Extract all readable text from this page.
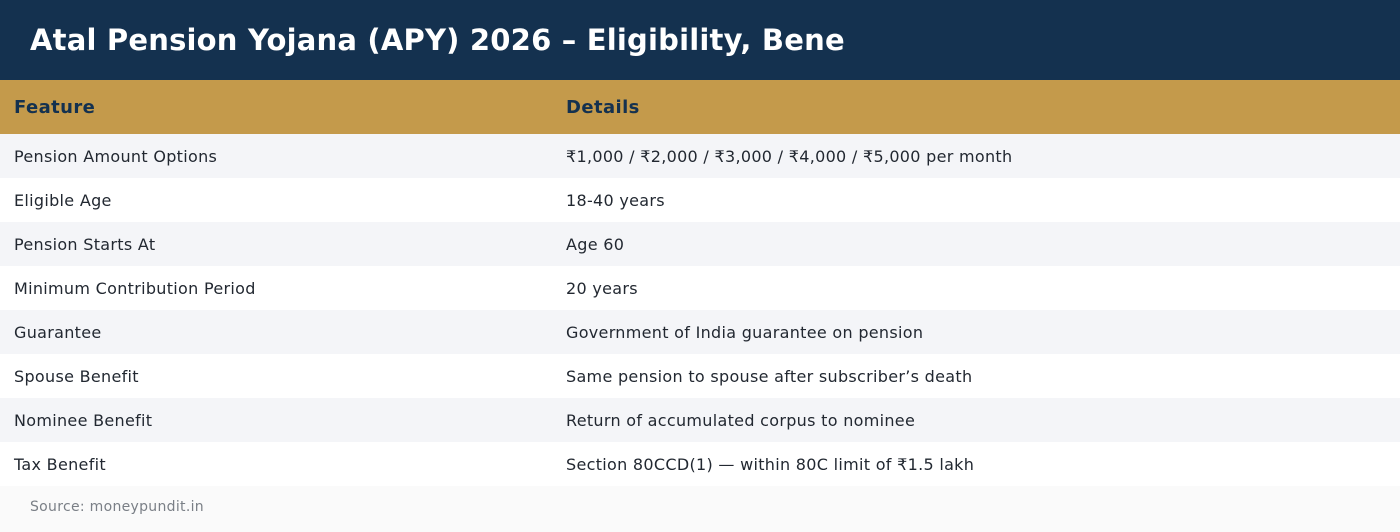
Atal Pension Yojana (APY) 2026 – Eligibility, Bene
Feature	Details
Pension Amount Options	₹1,000 / ₹2,000 / ₹3,000 / ₹4,000 / ₹5,000 per month
Eligible Age	18-40 years
Pension Starts At	Age 60
Minimum Contribution Period	20 years
Guarantee	Government of India guarantee on pension
Spouse Benefit	Same pension to spouse after subscriber’s death
Nominee Benefit	Return of accumulated corpus to nominee
Tax Benefit	Section 80CCD(1) — within 80C limit of ₹1.5 lakh
Source: moneypundit.in
